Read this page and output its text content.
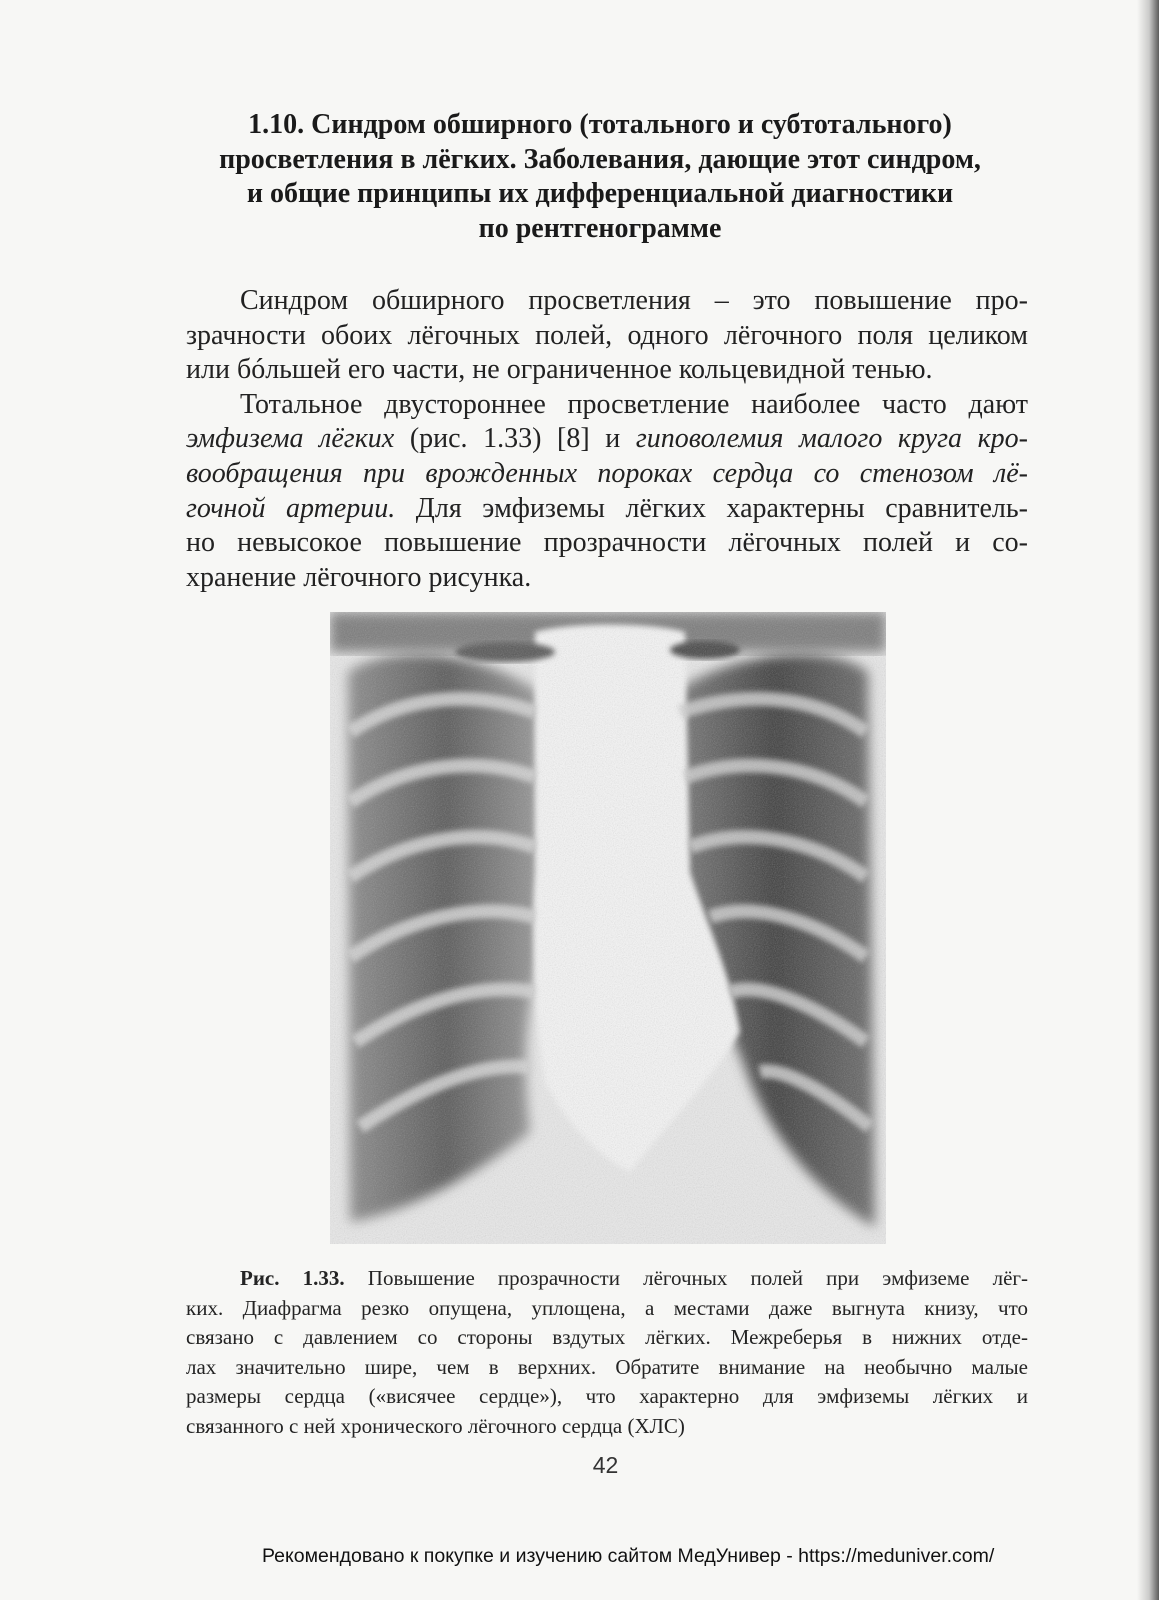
1.10. Синдром обширного (тотального и субтотального)
просветления в лёгких. Заболевания, дающие этот синдром,
и общие принципы их дифференциальной диагностики
по рентгенограмме
Синдром обширного просветления – это повышение про-
зрачности обоих лёгочных полей, одного лёгочного поля целиком
или бóльшей его части, не ограниченное кольцевидной тенью.
Тотальное двустороннее просветление наиболее часто дают
эмфизема лёгких (рис. 1.33) [8] и гиповолемия малого круга кро-
вообращения при врожденных пороках сердца со стенозом лё-
гочной артерии. Для эмфиземы лёгких характерны сравнитель-
но невысокое повышение прозрачности лёгочных полей и со-
хранение лёгочного рисунка.
Рис. 1.33. Повышение прозрачности лёгочных полей при эмфиземе лёг-
ких. Диафрагма резко опущена, уплощена, а местами даже выгнута книзу, что
связано с давлением со стороны вздутых лёгких. Межреберья в нижних отде-
лах значительно шире, чем в верхних. Обратите внимание на необычно малые
размеры сердца («висячее сердце»), что характерно для эмфиземы лёгких и
связанного с ней хронического лёгочного сердца (ХЛС)
42
Рекомендовано к покупке и изучению сайтом МедУнивер - https://meduniver.com/
